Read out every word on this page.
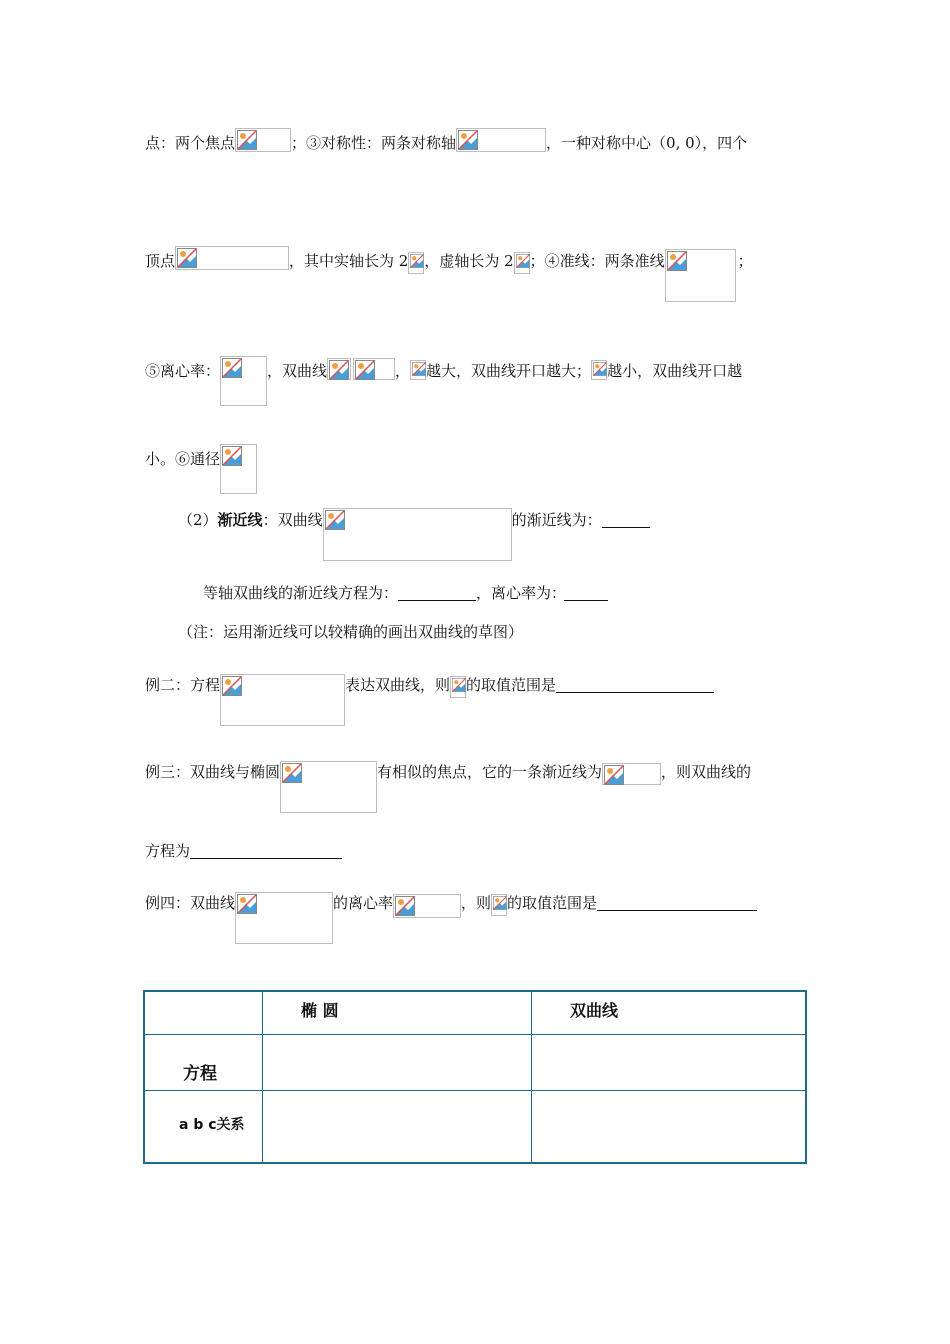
点：两个焦点	；③对称性：两条对称轴	，一种对称中心（0, 0），四个
顶点	，其中实轴长为 2 ，虚轴长为 2 ；④准线：两条准线	；
⑤离心率：	，双曲线	， 越大，双曲线开口越大； 越小，双曲线开口越
小。⑥通径
（2）渐近线：双曲线	的渐近线为：
等轴双曲线的渐近线方程为：	，离心率为：
（注：运用渐近线可以较精确的画出双曲线的草图）
例二：方程	表达双曲线，则 的取值范围是
例三：双曲线与椭圆	有相似的焦点，它的一条渐近线为	，则双曲线的
方程为
例四：双曲线	的离心率	，则 的取值范围是

	椭 圆	双曲线

方程		

a b c关系		
